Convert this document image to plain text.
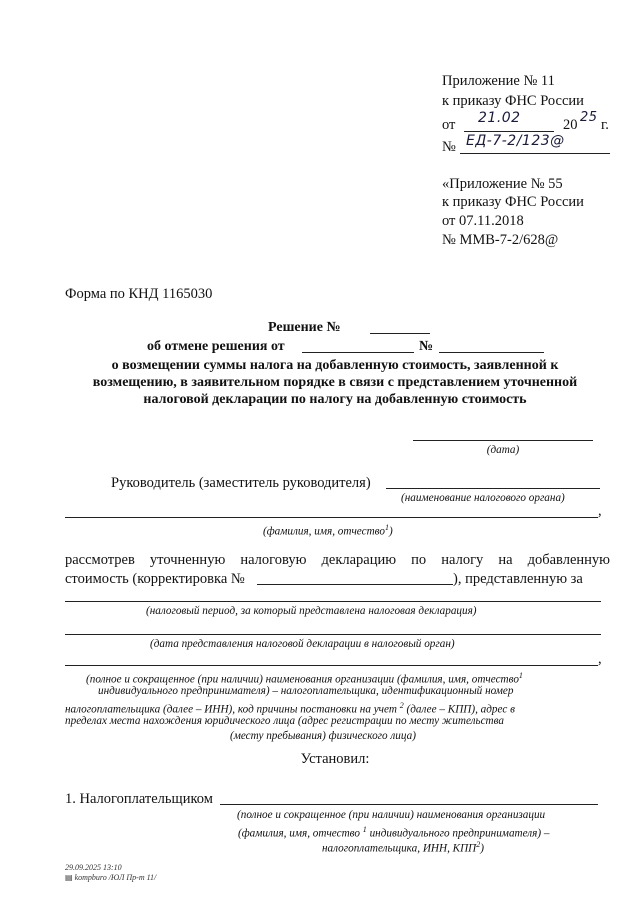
Приложение № 11
к приказу ФНС России
от 21.02	20 25 г.
№ ЕД-7-2/123@
«Приложение № 55
к приказу ФНС России
от 07.11.2018
№ ММВ-7-2/628@
Форма по КНД 1165030
Решение №
об отмене решения от	№
о возмещении суммы налога на добавленную стоимость, заявленной к
возмещению, в заявительном порядке в связи с представлением уточненной
налоговой декларации по налогу на добавленную стоимость
(дата)
Руководитель (заместитель руководителя)
(наименование налогового органа)
,
(фамилия, имя, отчество$^1$)
рассмотрев уточненную налоговую декларацию по налогу на добавленную
стоимость (корректировка №	), представленную за
(налоговый период, за который представлена налоговая декларация)
(дата представления налоговой декларации в налоговый орган)
,
(полное и сокращенное (при наличии) наименования организации (фамилия, имя, отчество$^1$
индивидуального предпринимателя) – налогоплательщика, идентификационный номер
налогоплательщика (далее – ИНН), код причины постановки на учет $^2$ (далее – КПП), адрес в
пределах места нахождения юридического лица (адрес регистрации по месту жительства
(месту пребывания) физического лица)
Установил:
1. Налогоплательщиком
(полное и сокращенное (при наличии) наименования организации
(фамилия, имя, отчество $^1$ индивидуального предпринимателя) –
налогоплательщика, ИНН, КПП$^2$)
29.09.2025 13:10
▤ kompburo /ЮЛ Пр-т 11/
